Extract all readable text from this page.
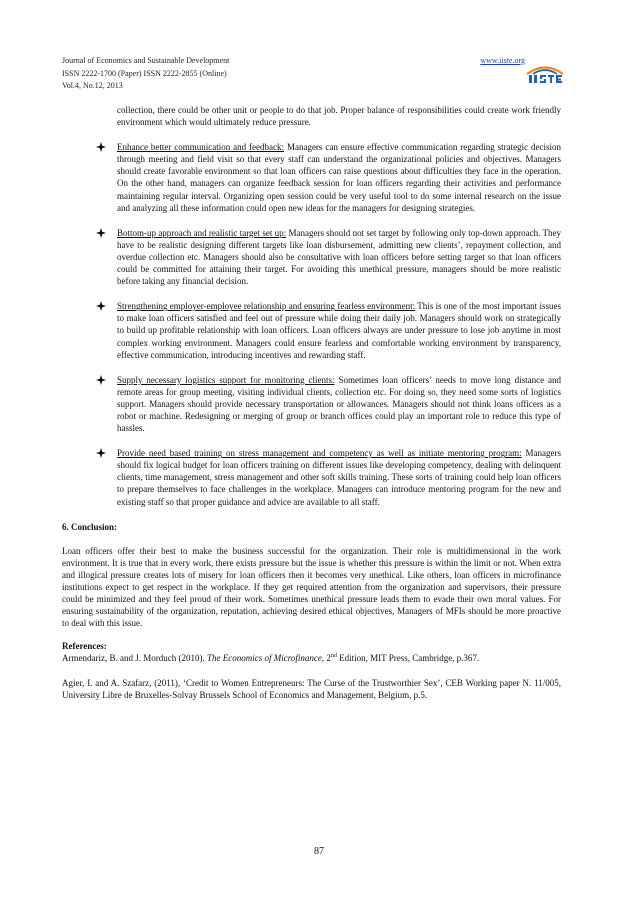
Journal of Economics and Sustainable Development
ISSN 2222-1700 (Paper) ISSN 2222-2855 (Online)
Vol.4, No.12, 2013
www.iiste.org

collection, there could be other unit or people to do that job. Proper balance of responsibilities could create work friendly environment which would ultimately reduce pressure.

Enhance better communication and feedback: Managers can ensure effective communication regarding strategic decision through meeting and field visit so that every staff can understand the organizational policies and objectives. Managers should create favorable environment so that loan officers can raise questions about difficulties they face in the operation. On the other hand, managers can organize feedback session for loan officers regarding their activities and performance maintaining regular interval. Organizing open session could be very useful tool to do some internal research on the issue and analyzing all these information could open new ideas for the managers for designing strategies.
Bottom-up approach and realistic target set up: Managers should not set target by following only top-down approach. They have to be realistic designing different targets like loan disbursement, admitting new clients’, repayment collection, and overdue collection etc. Managers should also be consultative with loan officers before setting target so that loan officers could be committed for attaining their target. For avoiding this unethical pressure, managers should be more realistic before taking any financial decision.
Strengthening employer-employee relationship and ensuring fearless environment: This is one of the most important issues to make loan officers satisfied and feel out of pressure while doing their daily job. Managers should work on strategically to build up profitable relationship with loan officers. Loan officers always are under pressure to lose job anytime in most complex working environment. Managers could ensure fearless and comfortable working environment by transparency, effective communication, introducing incentives and rewarding staff.
Supply necessary logistics support for monitoring clients: Sometimes loan officers’ needs to move long distance and remote areas for group meeting, visiting individual clients, collection etc. For doing so, they need some sorts of logistics support. Managers should provide necessary transportation or allowances. Managers should not think loans officers as a robot or machine. Redesigning or merging of group or branch offices could play an important role to reduce this type of hassles.
Provide need based training on stress management and competency as well as initiate mentoring program: Managers should fix logical budget for loan officers training on different issues like developing competency, dealing with delinquent clients, time management, stress management and other soft skills training. These sorts of training could help loan officers to prepare themselves to face challenges in the workplace. Managers can introduce mentoring program for the new and existing staff so that proper guidance and advice are available to all staff.

6. Conclusion:

Loan officers offer their best to make the business successful for the organization. Their role is multidimensional in the work environment. It is true that in every work, there exists pressure but the issue is whether this pressure is within the limit or not. When extra and illogical pressure creates lots of misery for loan officers then it becomes very unethical. Like others, loan officers in microfinance institutions expect to get respect in the workplace. If they get required attention from the organization and supervisors, their pressure could be minimized and they feel proud of their work. Sometimes unethical pressure leads them to evade their own moral values. For ensuring sustainability of the organization, reputation, achieving desired ethical objectives, Managers of MFIs should be more proactive to deal with this issue.

References:

Armendariz, B. and J. Morduch (2010). The Economics of Microfinance, 2nd Edition, MIT Press, Cambridge, p.367.

Agier, I. and A. Szafarz, (2011), ‘Credit to Women Entrepreneurs: The Curse of the Trustworthier Sex’, CEB Working paper N. 11/005, University Libre de Bruxelles-Solvay Brussels School of Economics and Management, Belgium, p.5.

87
